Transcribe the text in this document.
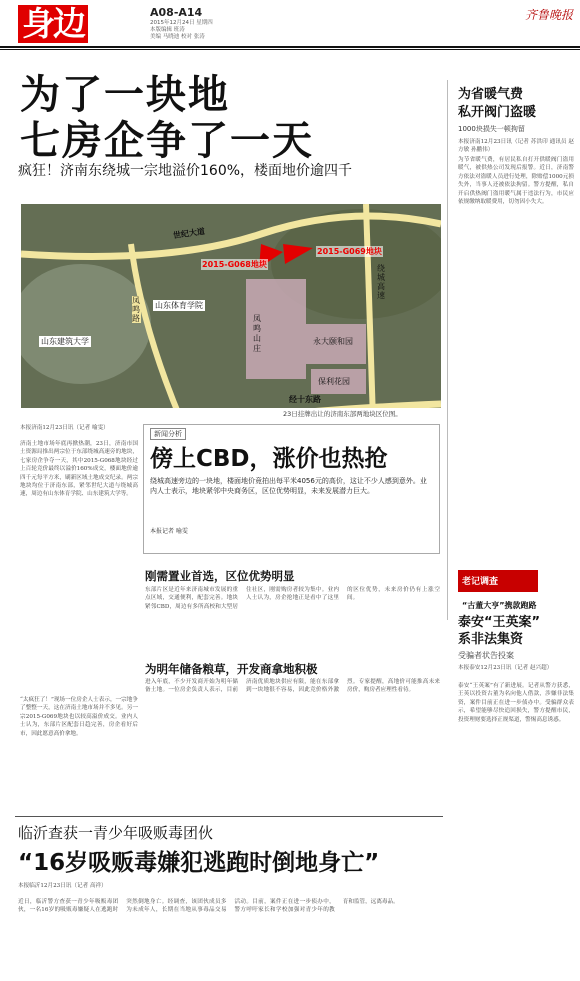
身边	A08-A14
2015年12月24日 星期四
本版编辑 班涛
美编 马晓迪 校对 张涛
齐鲁晚报
为了一块地
七房企争了一天
疯狂！济南东绕城一宗地溢价160%，楼面地价逾四千
为省暖气费
私开阀门盗暖
1000块损失一顿拘留
本报济南12月23日讯（记者 苏洪印 通讯员 赵方敏 孙鹏伟）
为节省暖气费，有居民私自打开供暖阀门盗用暖气，被供热公司发现后报警。近日，济南警方依法对盗暖人员进行处理，除赔偿1000元损失外，当事人还被依法拘留。警方提醒，私自开启供热阀门盗用暖气属于违法行为，市民应依规缴纳取暖费用，切勿因小失大。
世纪大道
2015-G068地块
2015-G069地块
山东体育学院
山东建筑大学
凤鸣路	凤鸣山庄
永大颐和园
保利花园
经十东路
绕城高速
23日挂牌出让的济南东部两地块区位图。
本报济南12月23日讯（记者 喻雯）
济南土地市场年底再掀热潮，23日，济南市国土资源局推出两宗位于东部绕城高速旁的地块，七家房企争夺一天，其中2015-G068地块经过上百轮竞价最终以溢价160%成交，楼面地价逾四千元每平方米，刷新区域土地成交纪录。两宗地块均位于济南东部，紧邻世纪大道与绕城高速，周边有山东体育学院、山东建筑大学等。
“太疯狂了！”现场一位房企人士表示，一宗地争了整整一天，这在济南土地市场并不多见。另一宗2015-G069地块也以较高溢价成交。业内人士认为，东部片区配套日趋完善，房企看好后市，因此愿意高价拿地。
新闻分析
傍上CBD，涨价也热抢
绕城高速旁边的一块地，楼面地价竟拍出每平米4056元的高价，这让不少人感到意外。业内人士表示，地块紧邻中央商务区，区位优势明显，未来发展潜力巨大。
本报记者 喻雯
刚需置业首选，区位优势明显
东部片区是近年来济南城市发展的重点区域，交通便利，配套完善。地块紧邻CBD，周边有多所高校和大型居住社区，刚需购房者较为集中。业内人士认为，房企抢地正是看中了这里的区位优势，未来房价仍有上涨空间。
为明年储备粮草，开发商拿地积极
进入年底，不少开发商开始为明年储备土地。一位房企负责人表示，目前济南优质地块供应有限，能在东部拿到一块地很不容易，因此竞价格外激烈。专家提醒，高地价可能推高未来房价，购房者应理性看待。
老记调查
“古董大亨”携款跑路
泰安“王英案”
系非法集资
受骗者状告投案
本报泰安12月23日讯（记者 赵兴超）
泰安“王英案”有了新进展。记者从警方获悉，王英以投资古董为名向他人借款，涉嫌非法集资，案件目前正在进一步侦办中。受骗群众表示，希望能够尽快追回损失，警方提醒市民，投资理财要选择正规渠道，警惕高息诱惑。
临沂查获一青少年吸贩毒团伙
“16岁吸贩毒嫌犯逃跑时倒地身亡”
本报临沂12月23日讯（记者 高祥）
近日，临沂警方查获一青少年吸贩毒团伙，一名16岁的吸贩毒嫌疑人在逃跑时突然倒地身亡。经调查，该团伙成员多为未成年人，长期在当地从事毒品交易活动。目前，案件正在进一步侦办中，警方呼吁家长和学校加强对青少年的教育和监管，远离毒品。
